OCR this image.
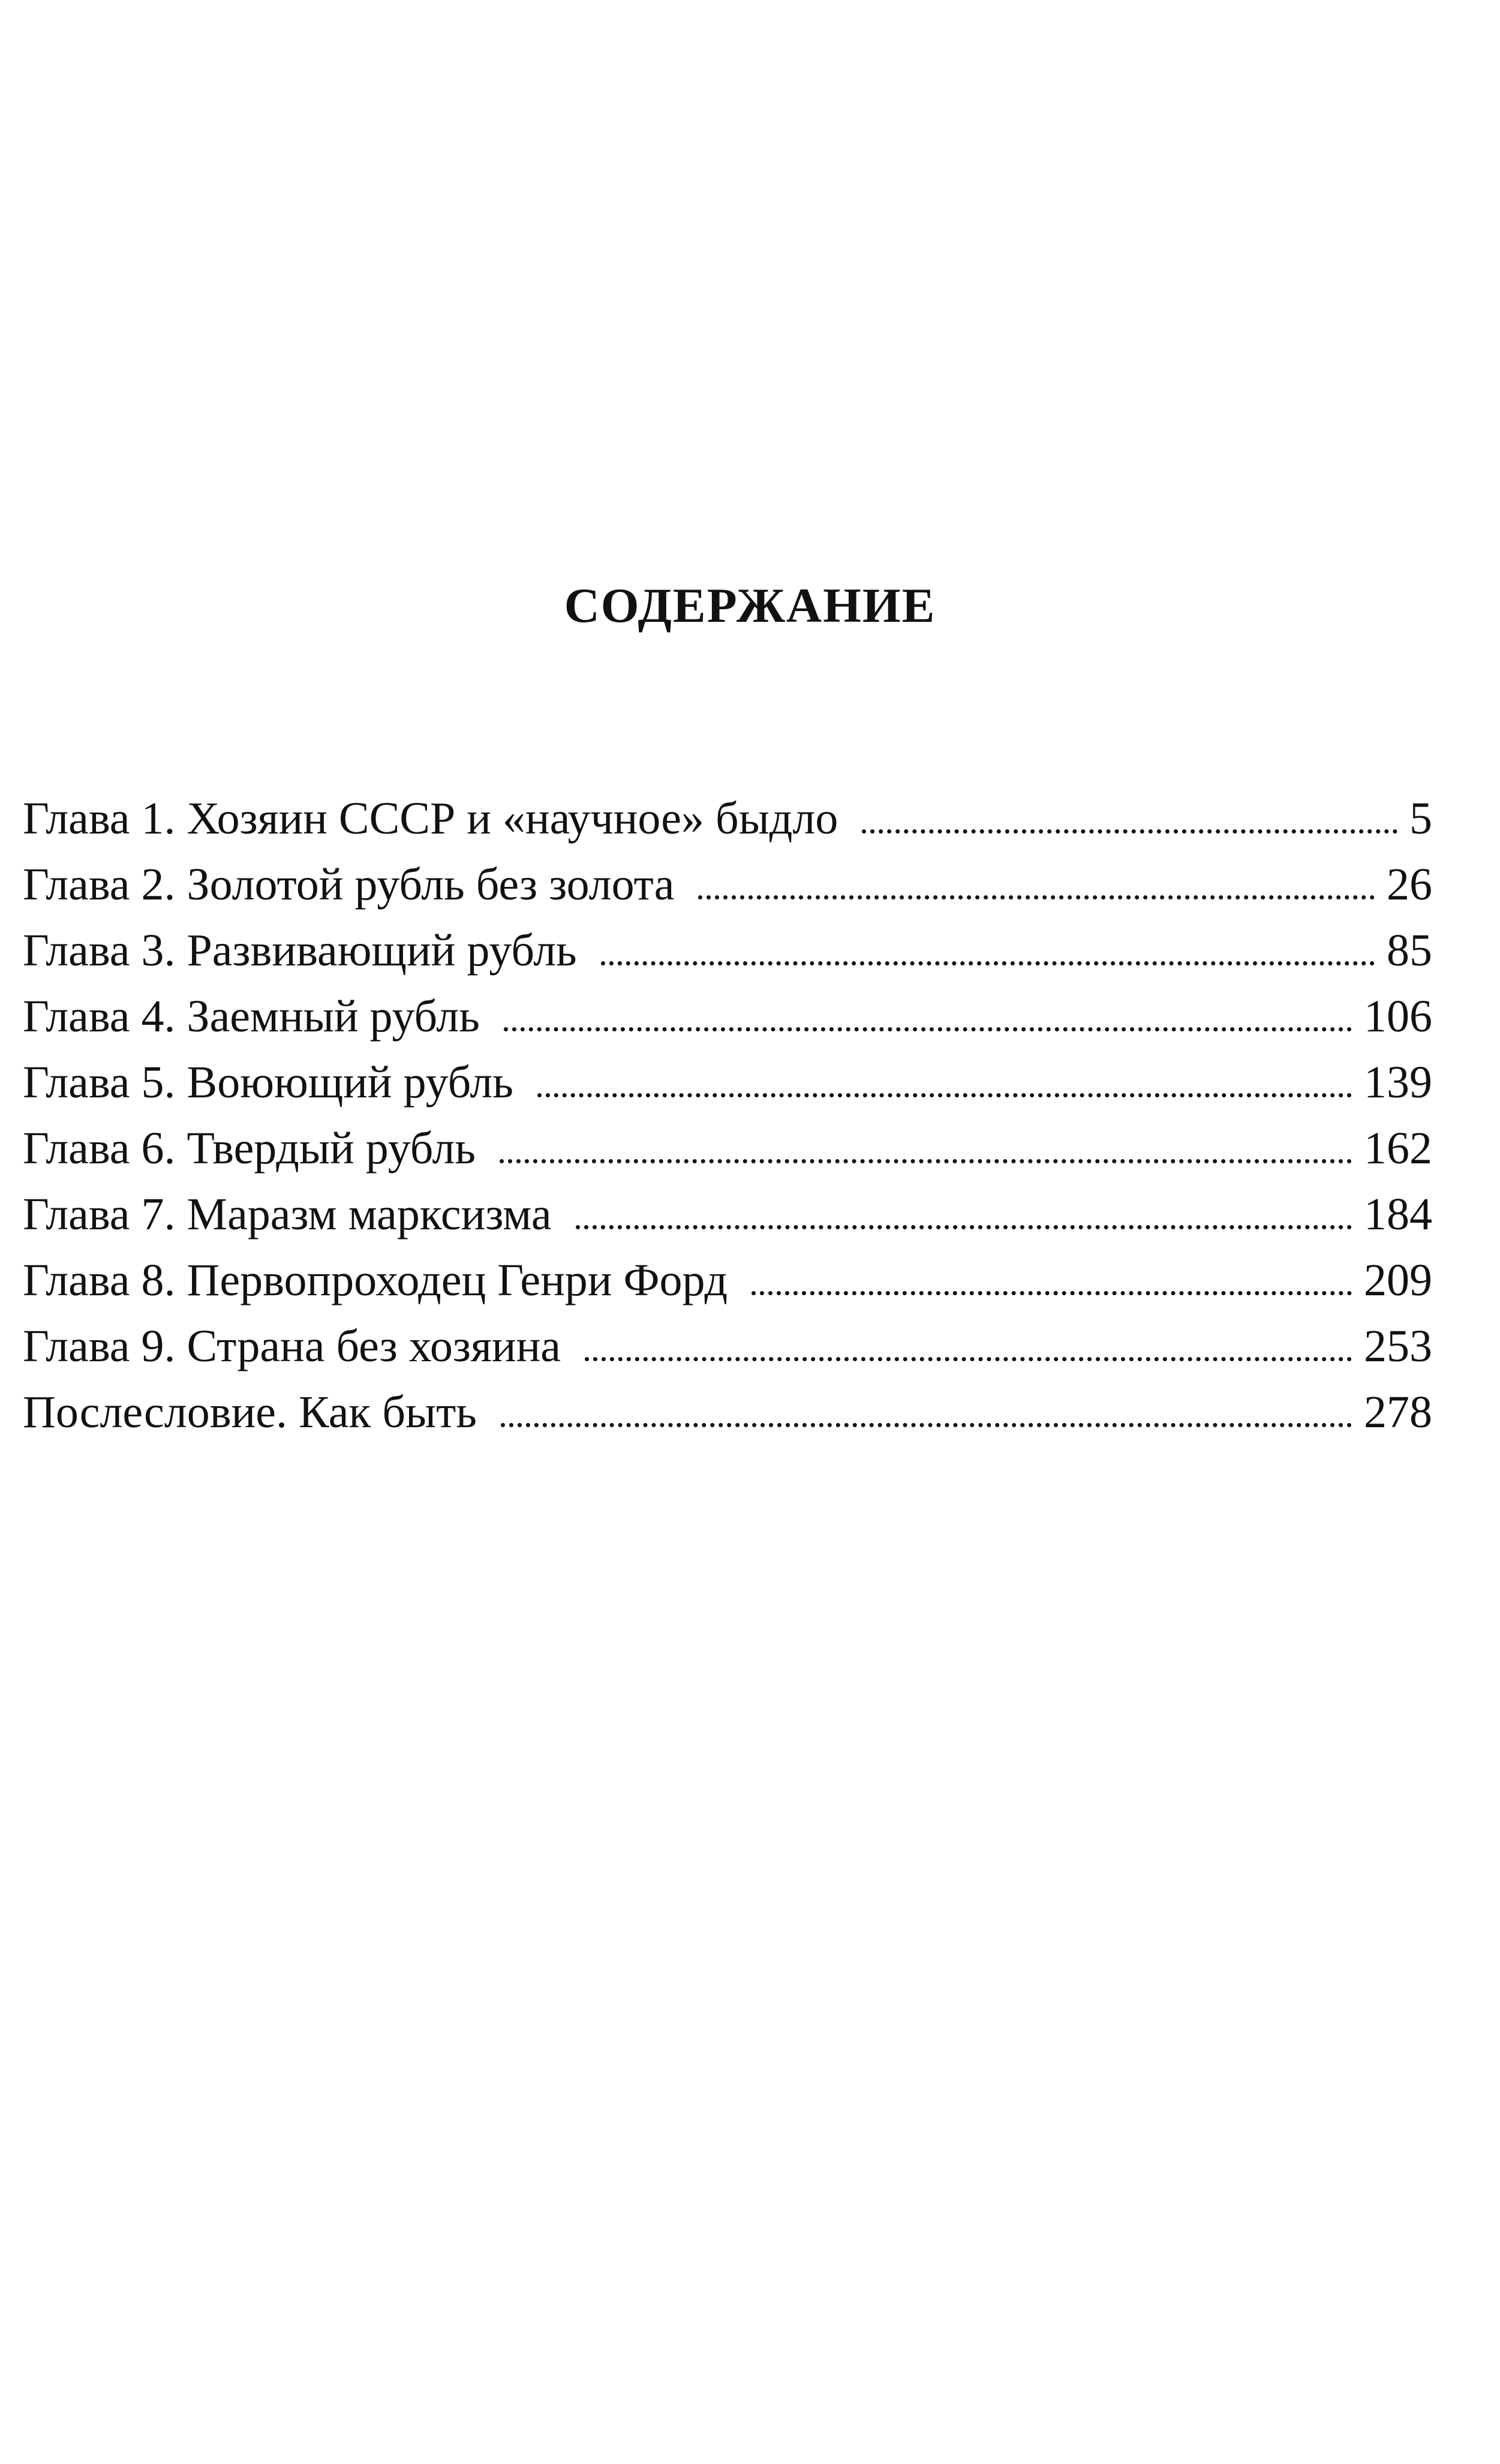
СОДЕРЖАНИЕ
Глава 1. Хозяин СССР и «научное» быдло	5
Глава 2. Золотой рубль без золота	26
Глава 3. Развивающий рубль	85
Глава 4. Заемный рубль	106
Глава 5. Воюющий рубль	139
Глава 6. Твердый рубль	162
Глава 7. Маразм марксизма	184
Глава 8. Первопроходец Генри Форд	209
Глава 9. Страна без хозяина	253
Послесловие. Как быть	278
